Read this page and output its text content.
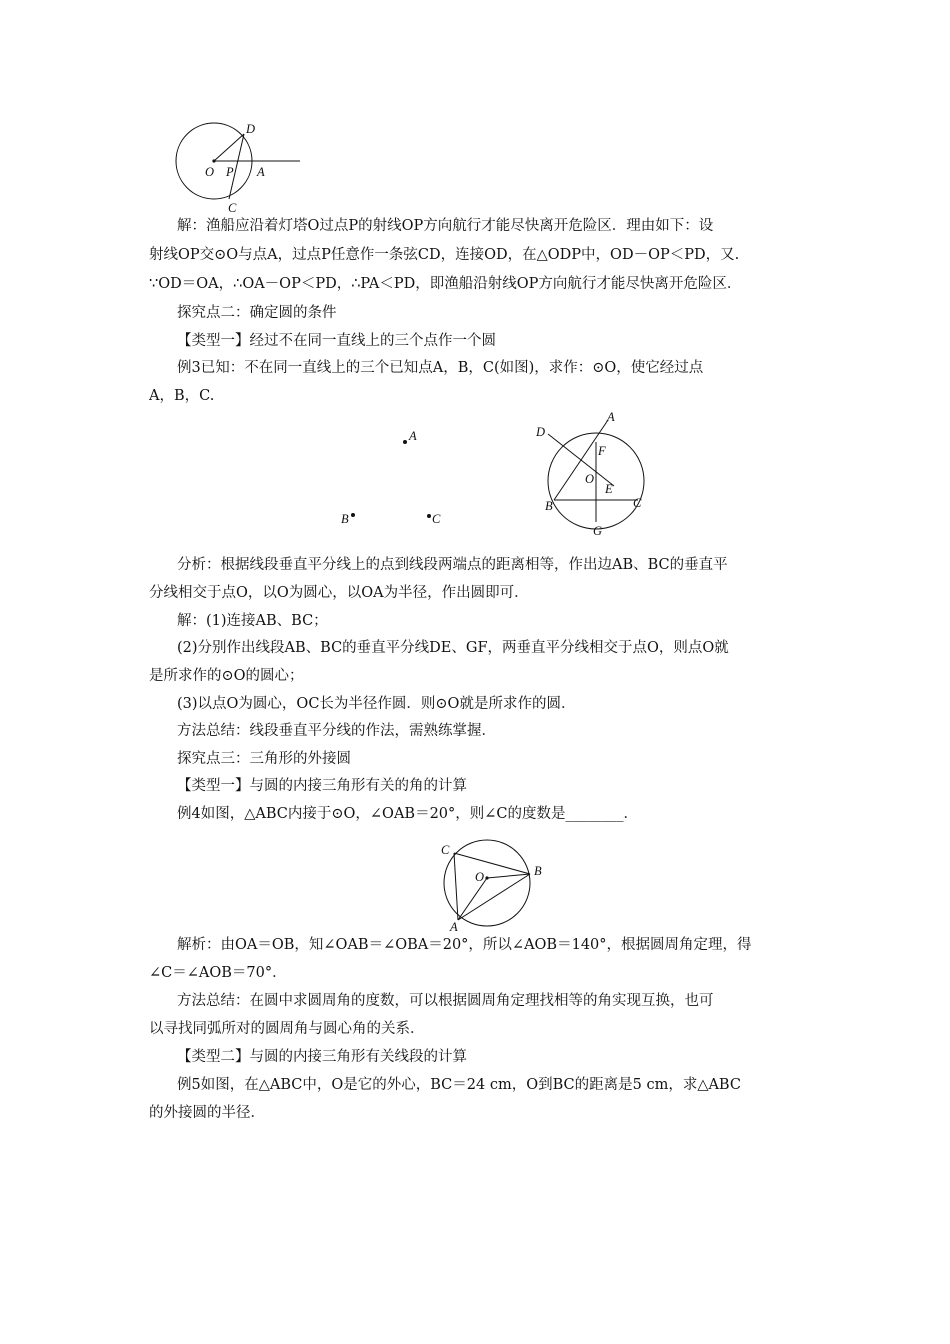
D
O P A
C
解：渔船应沿着灯塔O过点P的射线OP方向航行才能尽快离开危险区．理由如下：设
射线OP交⊙O与点A，过点P任意作一条弦CD，连接OD，在△ODP中，OD－OP＜PD，又.
∵OD＝OA，∴OA－OP＜PD，∴PA＜PD，即渔船沿射线OP方向航行才能尽快离开危险区．
探究点二：确定圆的条件
【类型一】经过不在同一直线上的三个点作一个圆
例3已知：不在同一直线上的三个已知点A，B，C(如图)，求作：⊙O，使它经过点
A，B，C.
A
B	C
D
A
F
O
E
B	C
G
分析：根据线段垂直平分线上的点到线段两端点的距离相等，作出边AB、BC的垂直平
分线相交于点O，以O为圆心，以OA为半径，作出圆即可．
解：(1)连接AB、BC；
(2)分别作出线段AB、BC的垂直平分线DE、GF，两垂直平分线相交于点O，则点O就
是所求作的⊙O的圆心；
(3)以点O为圆心，OC长为半径作圆．则⊙O就是所求作的圆．
方法总结：线段垂直平分线的作法，需熟练掌握．
探究点三：三角形的外接圆
【类型一】与圆的内接三角形有关的角的计算
例4如图，△ABC内接于⊙O，∠OAB＝20°，则∠C的度数是________．
C
O	B
A
解析：由OA＝OB，知∠OAB＝∠OBA＝20°，所以∠AOB＝140°，根据圆周角定理，得
∠C＝∠AOB＝70°．
方法总结：在圆中求圆周角的度数，可以根据圆周角定理找相等的角实现互换，也可
以寻找同弧所对的圆周角与圆心角的关系．
【类型二】与圆的内接三角形有关线段的计算
例5如图，在△ABC中，O是它的外心，BC＝24 cm，O到BC的距离是5 cm，求△ABC
的外接圆的半径．
